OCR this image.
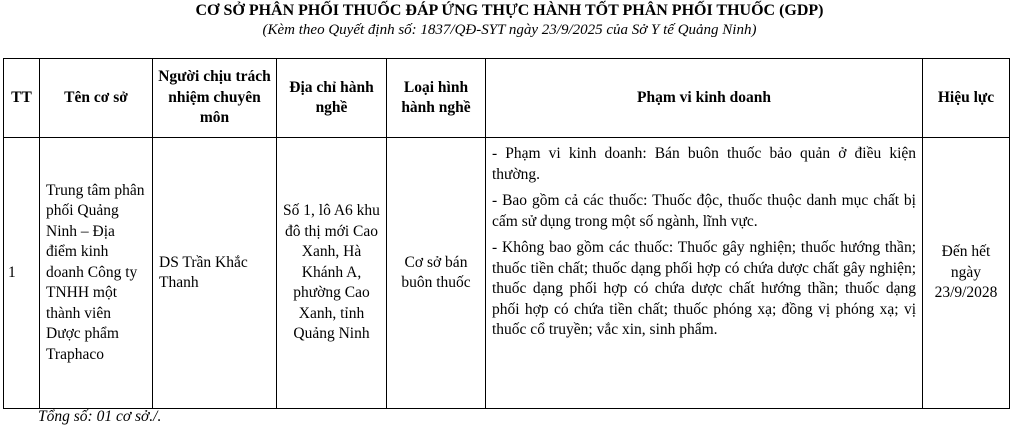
CƠ SỞ PHÂN PHỐI THUỐC ĐÁP ỨNG THỰC HÀNH TỐT PHÂN PHỐI THUỐC (GDP)
(Kèm theo Quyết định số: 1837/QĐ-SYT ngày 23/9/2025 của Sở Y tế Quảng Ninh)
TT	Tên cơ sở	Người chịu trách nhiệm chuyên môn	Địa chỉ hành nghề	Loại hình hành nghề	Phạm vi kinh doanh	Hiệu lực
1	Trung tâm phân phối Quảng Ninh – Địa điểm kinh doanh Công ty TNHH một thành viên Dược phẩm Traphaco	DS Trần Khắc Thanh	Số 1, lô A6 khu đô thị mới Cao Xanh, Hà Khánh A, phường Cao Xanh, tỉnh Quảng Ninh	Cơ sở bán buôn thuốc	- Phạm vi kinh doanh: Bán buôn thuốc bảo quản ở điều kiện thường.

- Bao gồm cả các thuốc: Thuốc độc, thuốc thuộc danh mục chất bị cấm sử dụng trong một số ngành, lĩnh vực.

- Không bao gồm các thuốc: Thuốc gây nghiện; thuốc hướng thần; thuốc tiền chất; thuốc dạng phối hợp có chứa dược chất gây nghiện; thuốc dạng phối hợp có chứa dược chất hướng thần; thuốc dạng phối hợp có chứa tiền chất; thuốc phóng xạ; đồng vị phóng xạ; vị thuốc cổ truyền; vắc xin, sinh phẩm.	Đến hết ngày 23/9/2028
Tổng số: 01 cơ sở./.
